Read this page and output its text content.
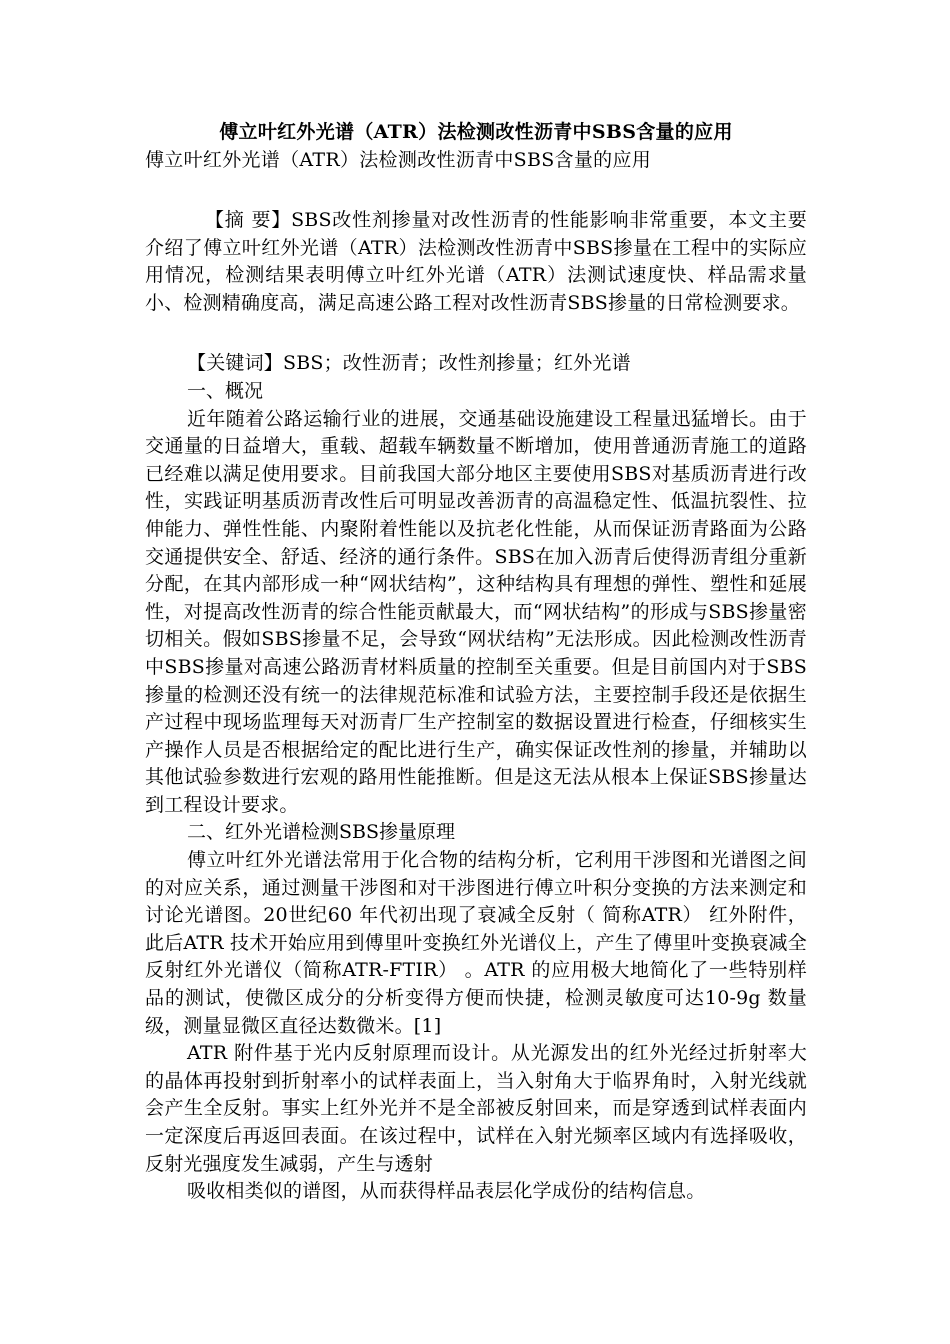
傅立叶红外光谱（ATR）法检测改性沥青中SBS含量的应用
傅立叶红外光谱（ATR）法检测改性沥青中SBS含量的应用

【摘 要】SBS改性剂掺量对改性沥青的性能影响非常重要，本文主要介绍了傅立叶红外光谱（ATR）法检测改性沥青中SBS掺量在工程中的实际应用情况，检测结果表明傅立叶红外光谱（ATR）法测试速度快、样品需求量小、检测精确度高，满足高速公路工程对改性沥青SBS掺量的日常检测要求。

【关键词】SBS；改性沥青；改性剂掺量；红外光谱

一、概况

近年随着公路运输行业的进展，交通基础设施建设工程量迅猛增长。由于交通量的日益增大，重载、超载车辆数量不断增加，使用普通沥青施工的道路已经难以满足使用要求。目前我国大部分地区主要使用SBS对基质沥青进行改性，实践证明基质沥青改性后可明显改善沥青的高温稳定性、低温抗裂性、拉伸能力、弹性性能、内聚附着性能以及抗老化性能，从而保证沥青路面为公路交通提供安全、舒适、经济的通行条件。SBS在加入沥青后使得沥青组分重新分配，在其内部形成一种“网状结构”，这种结构具有理想的弹性、塑性和延展性，对提高改性沥青的综合性能贡献最大，而“网状结构”的形成与SBS掺量密切相关。假如SBS掺量不足，会导致“网状结构”无法形成。因此检测改性沥青中SBS掺量对高速公路沥青材料质量的控制至关重要。但是目前国内对于SBS掺量的检测还没有统一的法律规范标准和试验方法，主要控制手段还是依据生产过程中现场监理每天对沥青厂生产控制室的数据设置进行检查，仔细核实生产操作人员是否根据给定的配比进行生产，确实保证改性剂的掺量，并辅助以其他试验参数进行宏观的路用性能推断。但是这无法从根本上保证SBS掺量达到工程设计要求。

二、红外光谱检测SBS掺量原理

傅立叶红外光谱法常用于化合物的结构分析，它利用干涉图和光谱图之间的对应关系，通过测量干涉图和对干涉图进行傅立叶积分变换的方法来测定和讨论光谱图。20世纪60 年代初出现了衰减全反射（ 简称ATR） 红外附件，此后ATR 技术开始应用到傅里叶变换红外光谱仪上，产生了傅里叶变换衰减全反射红外光谱仪（简称ATR-FTIR） 。ATR 的应用极大地简化了一些特别样品的测试，使微区成分的分析变得方便而快捷，检测灵敏度可达10-9g 数量级，测量显微区直径达数微米。[1]

ATR 附件基于光内反射原理而设计。从光源发出的红外光经过折射率大的晶体再投射到折射率小的试样表面上，当入射角大于临界角时，入射光线就会产生全反射。事实上红外光并不是全部被反射回来，而是穿透到试样表面内一定深度后再返回表面。在该过程中，试样在入射光频率区域内有选择吸收，反射光强度发生减弱，产生与透射

吸收相类似的谱图，从而获得样品表层化学成份的结构信息。
